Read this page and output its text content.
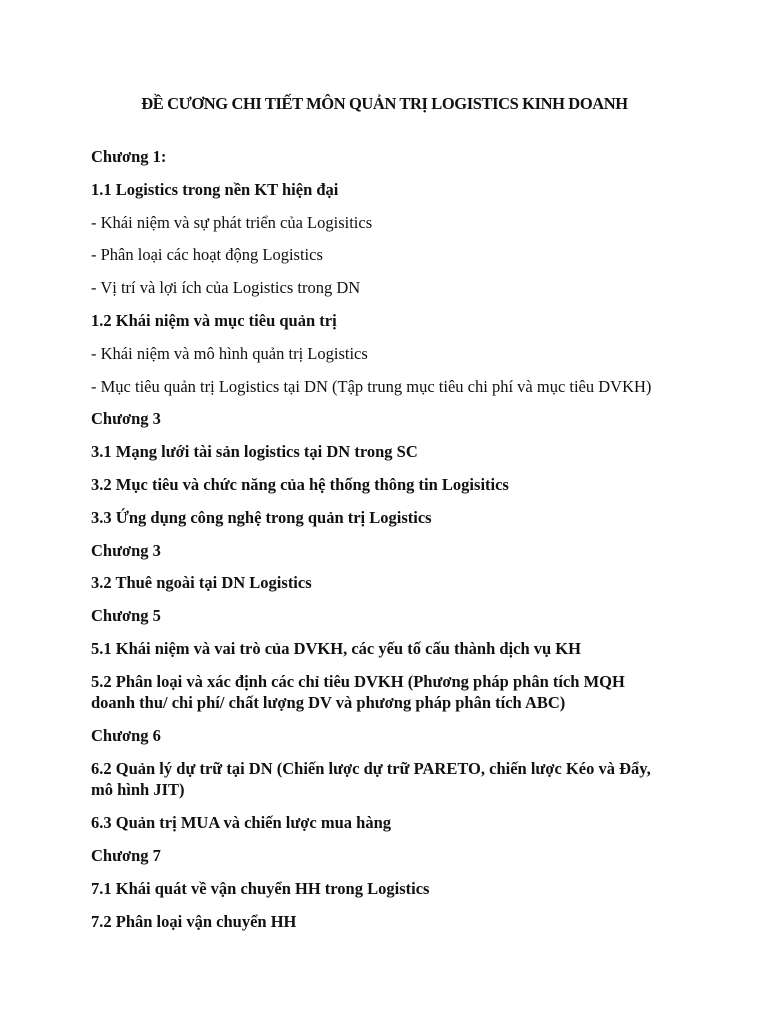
ĐỀ CƯƠNG CHI TIẾT MÔN QUẢN TRỊ LOGISTICS KINH DOANH
Chương 1:
1.1 Logistics trong nền KT hiện đại
- Khái niệm và sự phát triển của Logisitics
- Phân loại các hoạt động Logistics
- Vị trí và lợi ích của Logistics trong DN
1.2 Khái niệm và mục tiêu quản trị
- Khái niệm và mô hình quản trị Logistics
- Mục tiêu quản trị Logistics tại DN (Tập trung mục tiêu chi phí và mục tiêu DVKH)
Chương 3
3.1 Mạng lưới tài sản logistics tại DN trong SC
3.2 Mục tiêu và chức năng của hệ thống thông tin Logisitics
3.3 Ứng dụng công nghệ trong quản trị Logistics
Chương 3
3.2 Thuê ngoài tại DN Logistics
Chương 5
5.1 Khái niệm và vai trò của DVKH, các yếu tố cấu thành dịch vụ KH
5.2 Phân loại và xác định các chỉ tiêu DVKH (Phương pháp phân tích MQH doanh thu/ chi phí/ chất lượng DV và phương pháp phân tích ABC)
Chương 6
6.2 Quản lý dự trữ tại DN (Chiến lược dự trữ PARETO, chiến lược Kéo và Đẩy, mô hình JIT)
6.3 Quản trị MUA và chiến lược mua hàng
Chương 7
7.1 Khái quát về vận chuyển HH trong Logistics
7.2 Phân loại vận chuyển HH
